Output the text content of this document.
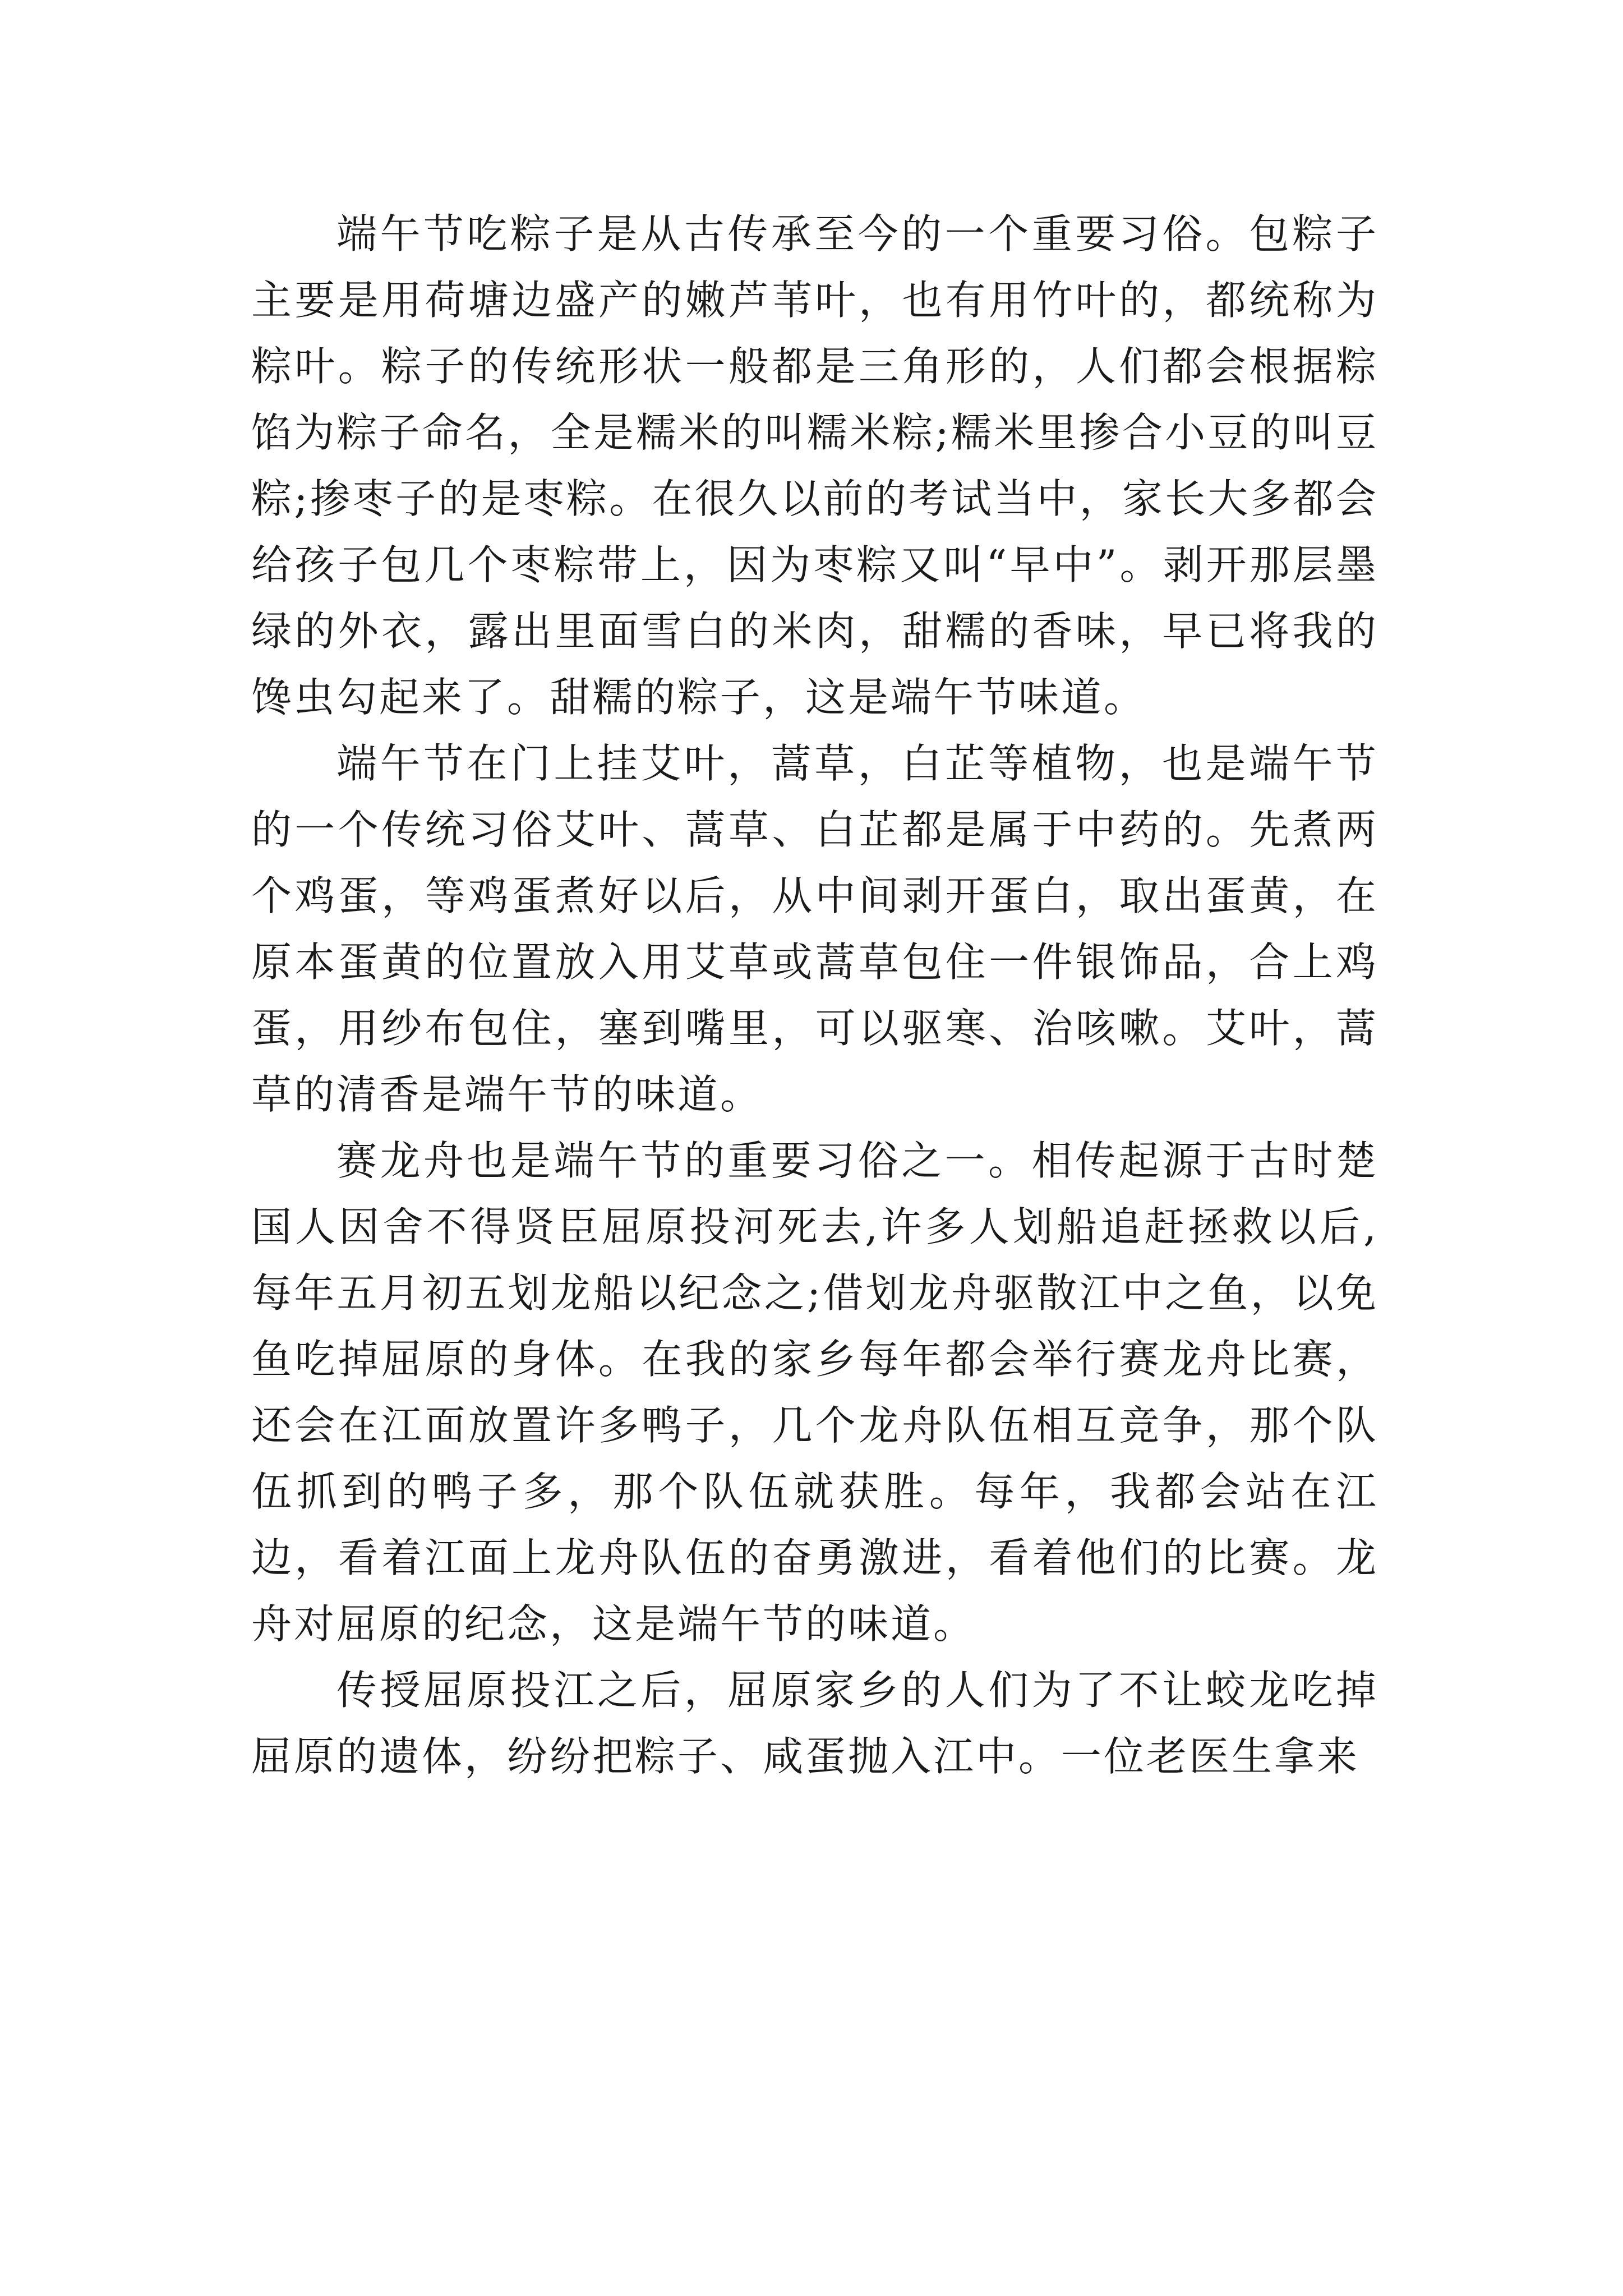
端午节吃粽子是从古传承至今的一个重要习俗。包粽子主要是用荷塘边盛产的嫩芦苇叶，也有用竹叶的，都统称为粽叶。粽子的传统形状一般都是三角形的，人们都会根据粽馅为粽子命名，全是糯米的叫糯米粽;糯米里掺合小豆的叫豆粽;掺枣子的是枣粽。在很久以前的考试当中，家长大多都会给孩子包几个枣粽带上，因为枣粽又叫“早中”。剥开那层墨绿的外衣，露出里面雪白的米肉，甜糯的香味，早已将我的馋虫勾起来了。甜糯的粽子，这是端午节味道。

端午节在门上挂艾叶，蒿草，白芷等植物，也是端午节的一个传统习俗艾叶、蒿草、白芷都是属于中药的。先煮两个鸡蛋，等鸡蛋煮好以后，从中间剥开蛋白，取出蛋黄，在原本蛋黄的位置放入用艾草或蒿草包住一件银饰品，合上鸡蛋，用纱布包住，塞到嘴里，可以驱寒、治咳嗽。艾叶，蒿草的清香是端午节的味道。

赛龙舟也是端午节的重要习俗之一。相传起源于古时楚国人因舍不得贤臣屈原投河死去,许多人划船追赶拯救以后,每年五月初五划龙船以纪念之;借划龙舟驱散江中之鱼，以免鱼吃掉屈原的身体。在我的家乡每年都会举行赛龙舟比赛，还会在江面放置许多鸭子，几个龙舟队伍相互竞争，那个队伍抓到的鸭子多，那个队伍就获胜。每年，我都会站在江边，看着江面上龙舟队伍的奋勇激进，看着他们的比赛。龙舟对屈原的纪念，这是端午节的味道。

传授屈原投江之后，屈原家乡的人们为了不让蛟龙吃掉屈原的遗体，纷纷把粽子、咸蛋抛入江中。一位老医生拿来
